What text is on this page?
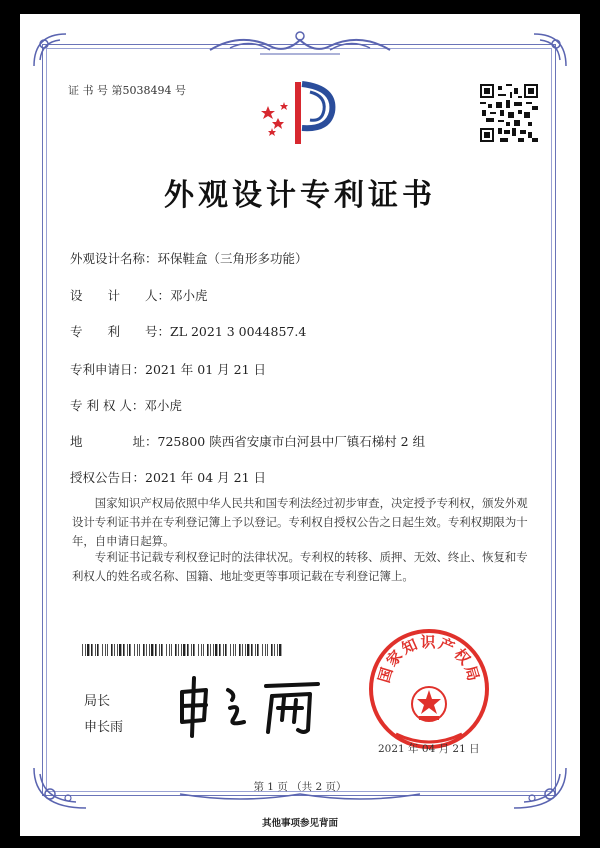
证 书 号 第5038494 号
外观设计专利证书
外观设计名称：环保鞋盒（三角形多功能）
设　　计　　人：邓小虎
专　　利　　号：ZL 2021 3 0044857.4
专利申请日：2021 年 01 月 21 日
专 利 权 人：邓小虎
地　　　　址：725800 陕西省安康市白河县中厂镇石梯村 2 组
授权公告日：2021 年 04 月 21 日
国家知识产权局依照中华人民共和国专利法经过初步审查，决定授予专利权，颁发外观设计专利证书并在专利登记簿上予以登记。专利权自授权公告之日起生效。专利权期限为十年，自申请日起算。
专利证书记载专利权登记时的法律状况。专利权的转移、质押、无效、终止、恢复和专利权人的姓名或名称、国籍、地址变更等事项记载在专利登记簿上。
局长
申长雨
国家知识产权局
2021 年 04 月 21 日
第 1 页 （共 2 页）
其他事项参见背面
